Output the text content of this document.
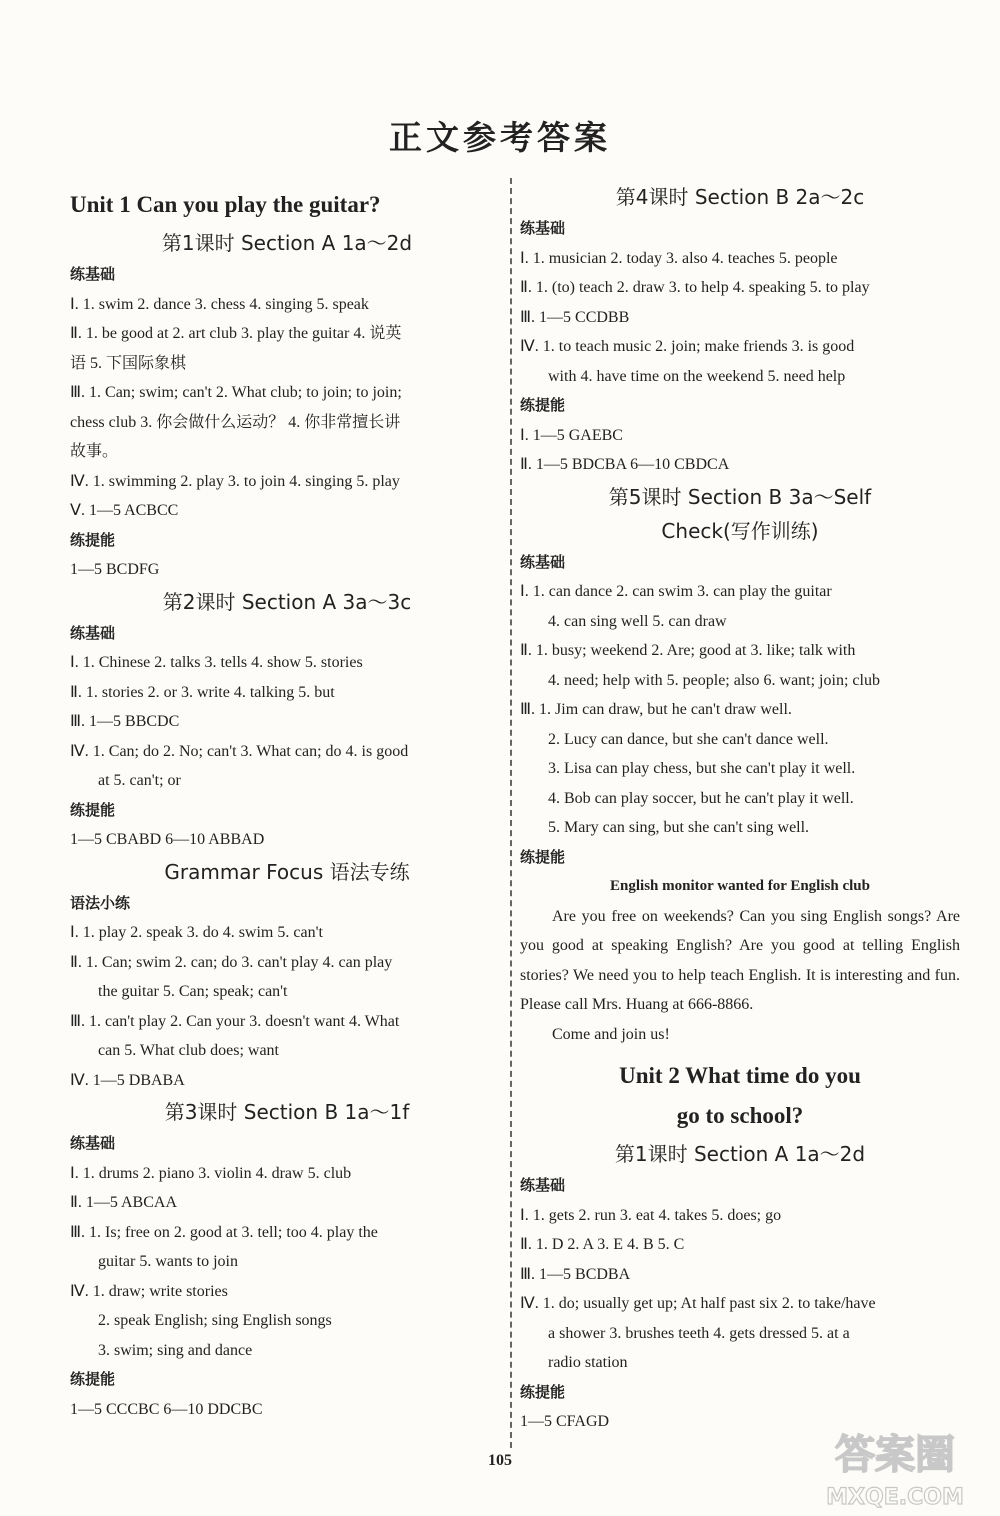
正文参考答案
Unit 1 Can you play the guitar?
第1课时 Section A 1a～2d
练基础
Ⅰ. 1. swim 2. dance 3. chess 4. singing 5. speak
Ⅱ. 1. be good at 2. art club 3. play the guitar 4. 说英
语 5. 下国际象棋
Ⅲ. 1. Can; swim; can't 2. What club; to join; to join;
chess club 3. 你会做什么运动？ 4. 你非常擅长讲
故事。
Ⅳ. 1. swimming 2. play 3. to join 4. singing 5. play
Ⅴ. 1—5 ACBCC
练提能
1—5 BCDFG
第2课时 Section A 3a～3c
练基础
Ⅰ. 1. Chinese 2. talks 3. tells 4. show 5. stories
Ⅱ. 1. stories 2. or 3. write 4. talking 5. but
Ⅲ. 1—5 BBCDC
Ⅳ. 1. Can; do 2. No; can't 3. What can; do 4. is good
at 5. can't; or
练提能
1—5 CBABD 6—10 ABBAD
Grammar Focus 语法专练
语法小练
Ⅰ. 1. play 2. speak 3. do 4. swim 5. can't
Ⅱ. 1. Can; swim 2. can; do 3. can't play 4. can play
the guitar 5. Can; speak; can't
Ⅲ. 1. can't play 2. Can your 3. doesn't want 4. What
can 5. What club does; want
Ⅳ. 1—5 DBABA
第3课时 Section B 1a～1f
练基础
Ⅰ. 1. drums 2. piano 3. violin 4. draw 5. club
Ⅱ. 1—5 ABCAA
Ⅲ. 1. Is; free on 2. good at 3. tell; too 4. play the
guitar 5. wants to join
Ⅳ. 1. draw; write stories
2. speak English; sing English songs
3. swim; sing and dance
练提能
1—5 CCCBC 6—10 DDCBC
第4课时 Section B 2a～2c
练基础
Ⅰ. 1. musician 2. today 3. also 4. teaches 5. people
Ⅱ. 1. (to) teach 2. draw 3. to help 4. speaking 5. to play
Ⅲ. 1—5 CCDBB
Ⅳ. 1. to teach music 2. join; make friends 3. is good
with 4. have time on the weekend 5. need help
练提能
Ⅰ. 1—5 GAEBC
Ⅱ. 1—5 BDCBA 6—10 CBDCA
第5课时 Section B 3a～Self
Check(写作训练)
练基础
Ⅰ. 1. can dance 2. can swim 3. can play the guitar
4. can sing well 5. can draw
Ⅱ. 1. busy; weekend 2. Are; good at 3. like; talk with
4. need; help with 5. people; also 6. want; join; club
Ⅲ. 1. Jim can draw, but he can't draw well.
2. Lucy can dance, but she can't dance well.
3. Lisa can play chess, but she can't play it well.
4. Bob can play soccer, but he can't play it well.
5. Mary can sing, but she can't sing well.
练提能
English monitor wanted for English club
Are you free on weekends? Can you sing English songs? Are you good at speaking English? Are you good at telling English stories? We need you to help teach English. It is interesting and fun. Please call Mrs. Huang at 666-8866.
Come and join us!
Unit 2 What time do you
go to school?
第1课时 Section A 1a～2d
练基础
Ⅰ. 1. gets 2. run 3. eat 4. takes 5. does; go
Ⅱ. 1. D 2. A 3. E 4. B 5. C
Ⅲ. 1—5 BCDBA
Ⅳ. 1. do; usually get up; At half past six 2. to take/have
a shower 3. brushes teeth 4. gets dressed 5. at a
radio station
练提能
1—5 CFAGD
105	答案圈
MXQE.COM
